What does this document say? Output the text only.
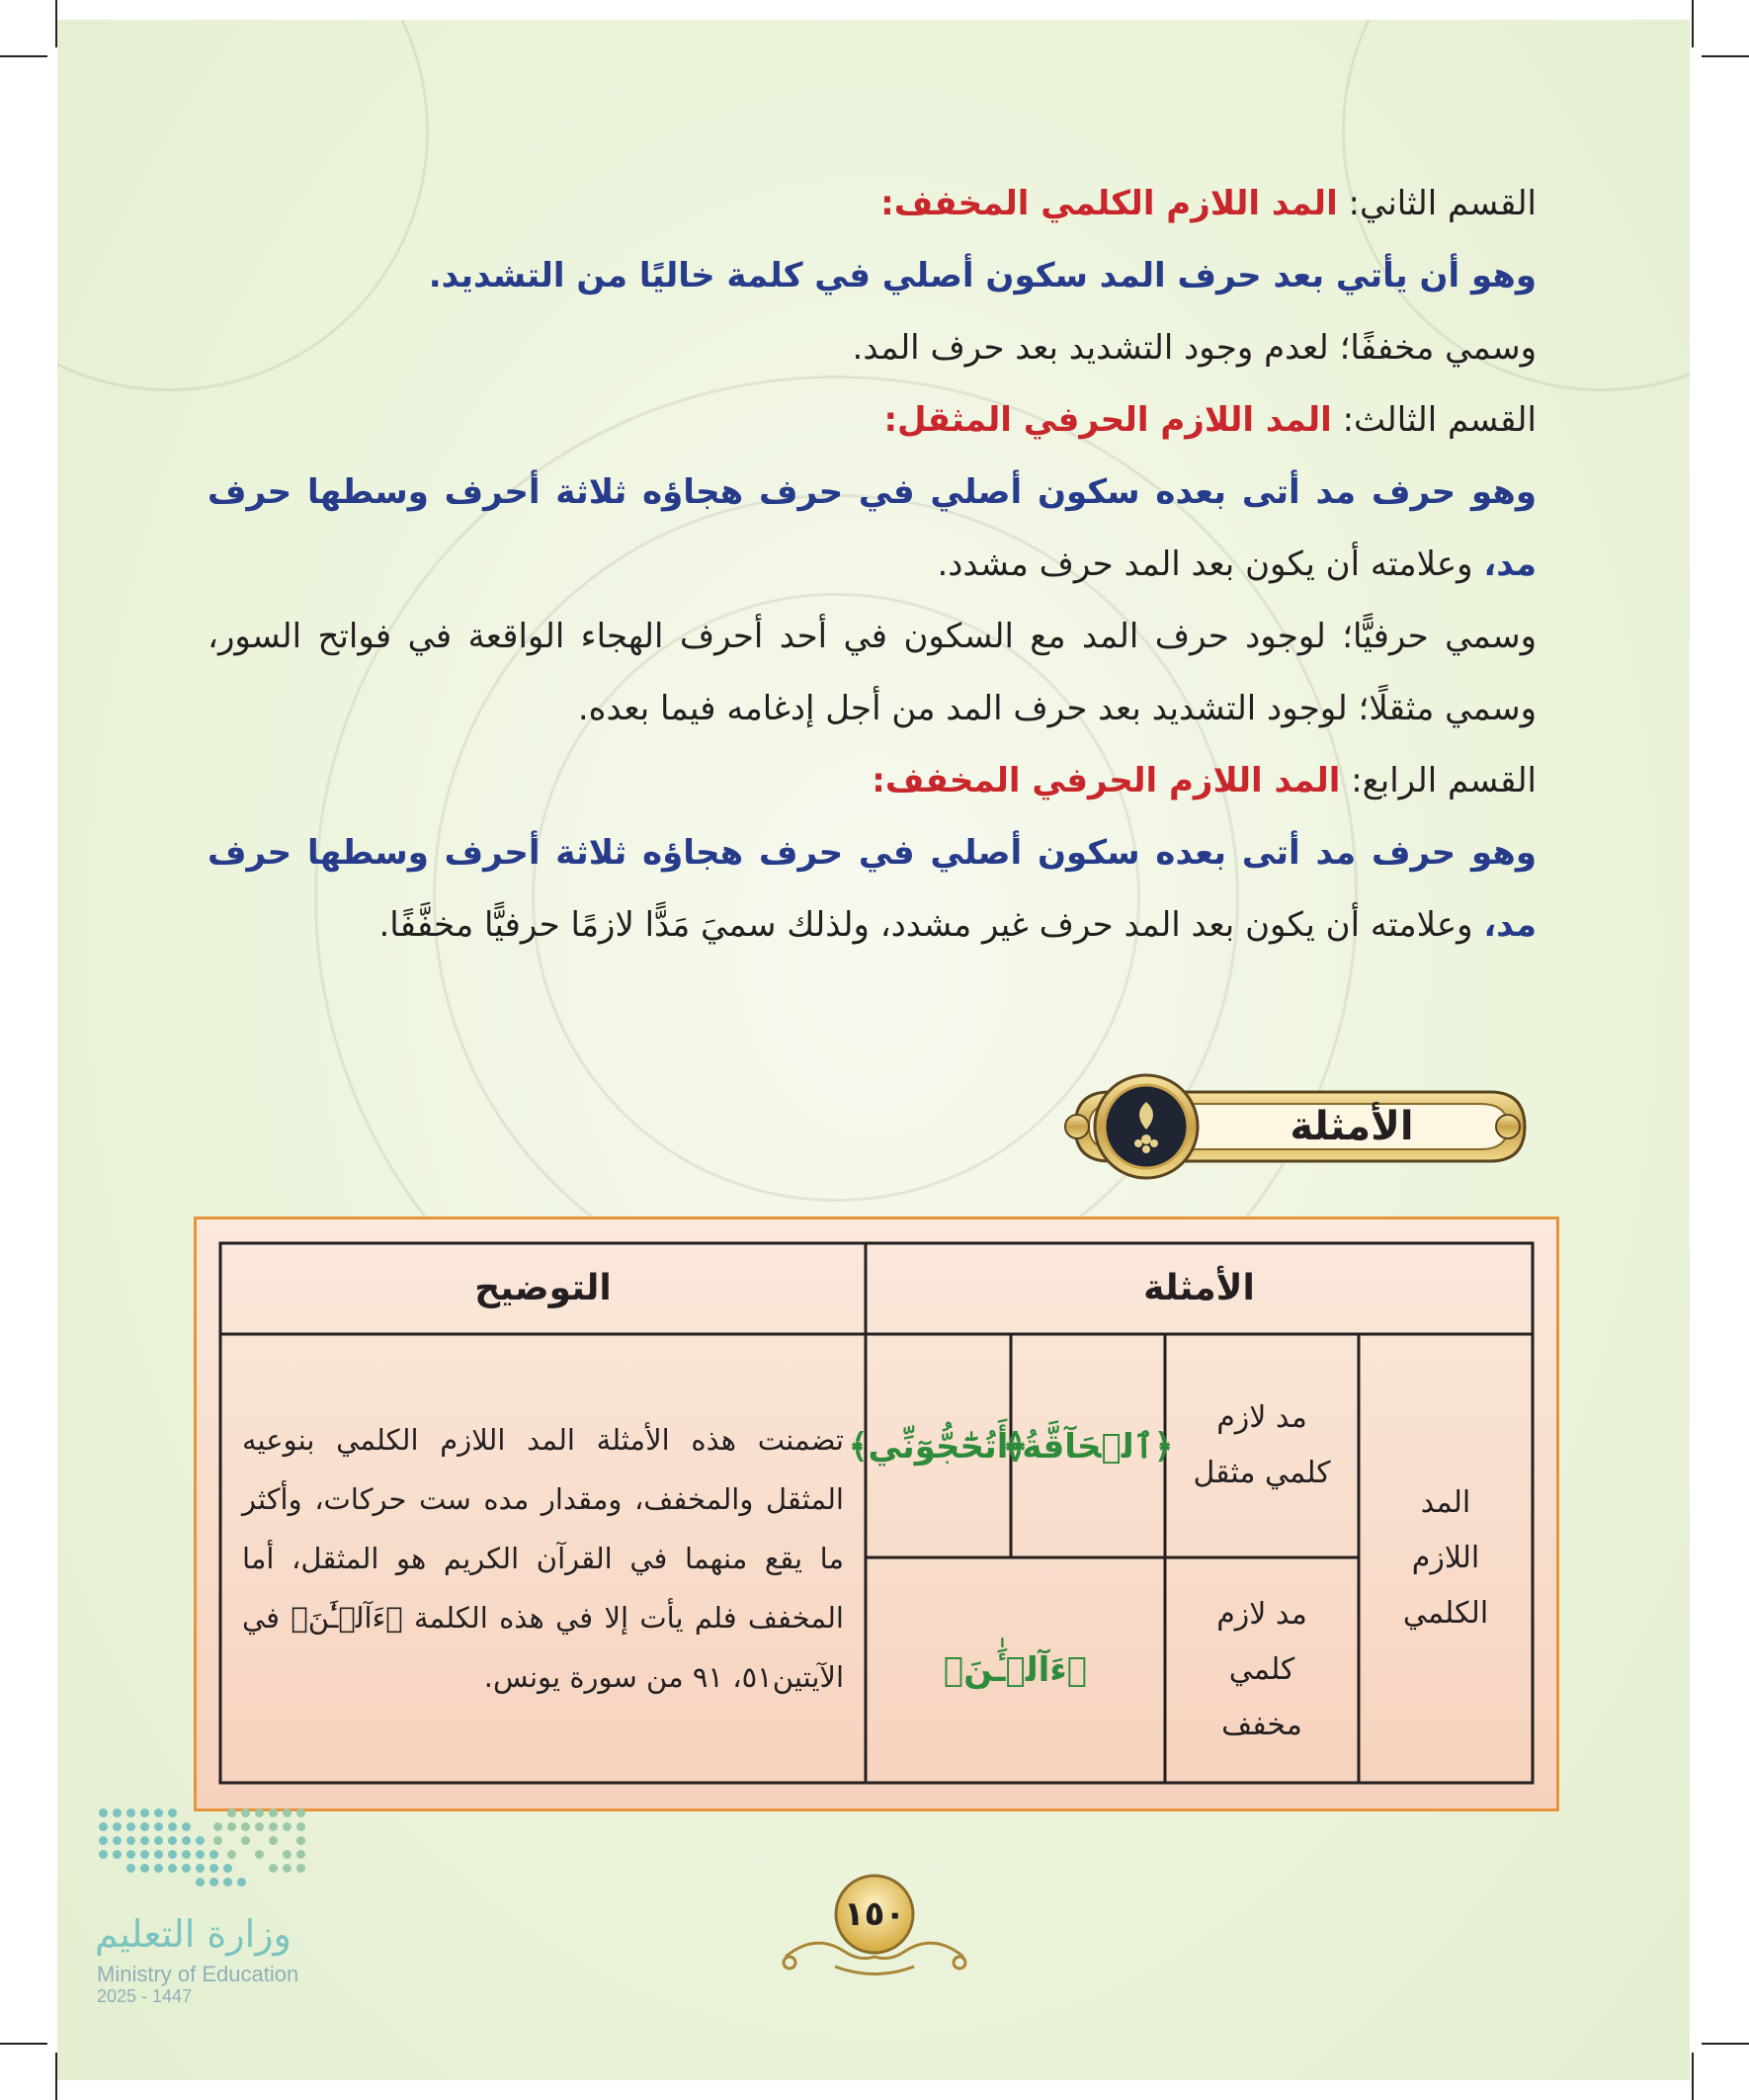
القسم الثاني: المد اللازم الكلمي المخفف:

وهو أن يأتي بعد حرف المد سكون أصلي في كلمة خاليًا من التشديد.

وسمي مخففًا؛ لعدم وجود التشديد بعد حرف المد.

القسم الثالث: المد اللازم الحرفي المثقل:

وهو حرف مد أتى بعده سكون أصلي في حرف هجاؤه ثلاثة أحرف وسطها حرف مد، وعلامته أن يكون بعد المد حرف مشدد.

وسمي حرفيًّا؛ لوجود حرف المد مع السكون في أحد أحرف الهجاء الواقعة في فواتح السور، وسمي مثقلًا؛ لوجود التشديد بعد حرف المد من أجل إدغامه فيما بعده.

القسم الرابع: المد اللازم الحرفي المخفف:

وهو حرف مد أتى بعده سكون أصلي في حرف هجاؤه ثلاثة أحرف وسطها حرف مد، وعلامته أن يكون بعد المد حرف غير مشدد، ولذلك سميَ مَدًّا لازمًا حرفيًّا مخفَّفًا.

الأمثلة
الأمثلة
التوضيح
المد اللازم الكلمي
مد لازم كلمي مثقل
مد لازم كلمي مخفف
﴿ٱلۡحَآقَّةُ﴾
﴿أَتُحَٰٓجُّوٓنِّي﴾
﴿ءَآلۡـَٰٔنَ﴾
تضمنت هذه الأمثلة المد اللازم الكلمي بنوعيه المثقل والمخفف، ومقدار مده ست حركات، وأكثر ما يقع منهما في القرآن الكريم هو المثقل، أما المخفف فلم يأت إلا في هذه الكلمة ﴿ءَآلۡـَٰٔنَ﴾ في الآيتين٥١، ٩١ من سورة يونس.
وزارة التعليم
Ministry of Education
2025 - 1447
١٥٠
